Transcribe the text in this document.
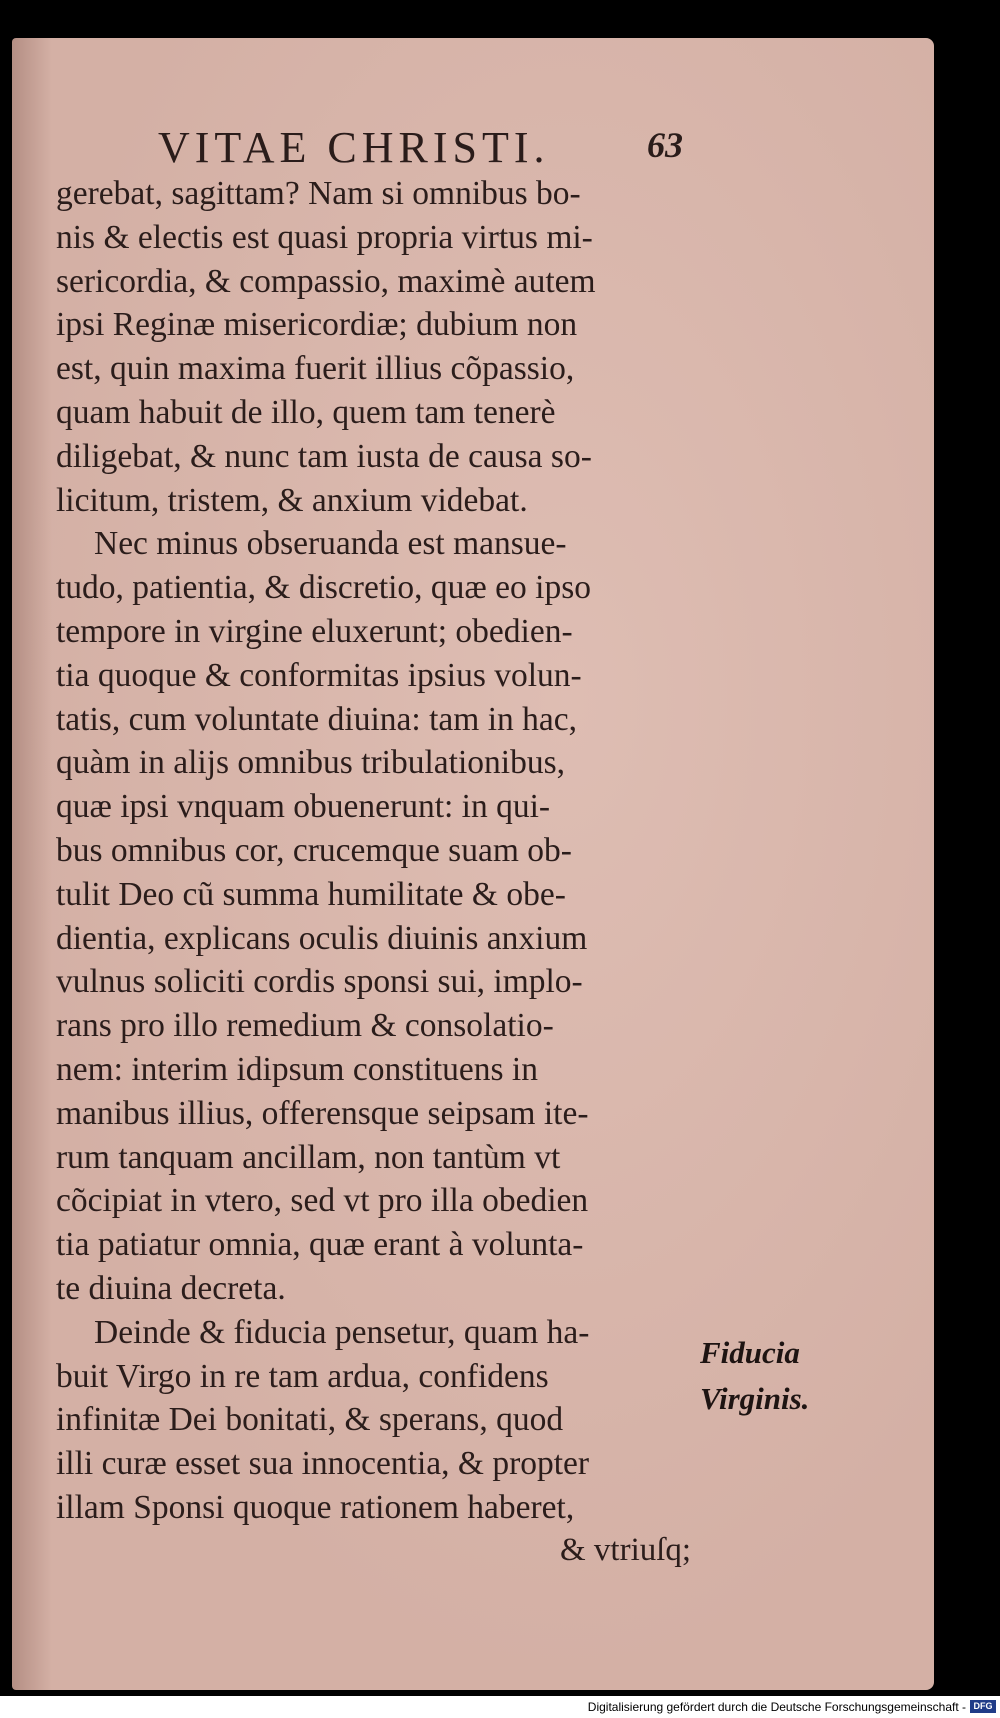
VITAE CHRISTI.	63
gerebat, sagittam? Nam si omnibus bo-
nis & electis est quasi propria virtus mi-
sericordia, & compassio, maximè autem
ipsi Reginæ misericordiæ; dubium non
est, quin maxima fuerit illius cõpassio,
quam habuit de illo, quem tam tenerè
diligebat, & nunc tam iusta de causa so-
licitum, tristem, & anxium videbat.
Nec minus obseruanda est mansue-
tudo, patientia, & discretio, quæ eo ipso
tempore in virgine eluxerunt; obedien-
tia quoque & conformitas ipsius volun-
tatis, cum voluntate diuina: tam in hac,
quàm in alijs omnibus tribulationibus,
quæ ipsi vnquam obuenerunt: in qui-
bus omnibus cor, crucemque suam ob-
tulit Deo cũ summa humilitate & obe-
dientia, explicans oculis diuinis anxium
vulnus soliciti cordis sponsi sui, implo-
rans pro illo remedium & consolatio-
nem: interim idipsum constituens in
manibus illius, offerensque seipsam ite-
rum tanquam ancillam, non tantùm vt
cõcipiat in vtero, sed vt pro illa obedien
tia patiatur omnia, quæ erant à volunta-
te diuina decreta.
Deinde & fiducia pensetur, quam ha-
buit Virgo in re tam ardua, confidens
infinitæ Dei bonitati, & sperans, quod
illi curæ esset sua innocentia, & propter
illam Sponsi quoque rationem haberet,
Fiducia
Virginis.
& vtriuſq;
Digitalisierung gefördert durch die Deutsche Forschungsgemeinschaft - DFG
